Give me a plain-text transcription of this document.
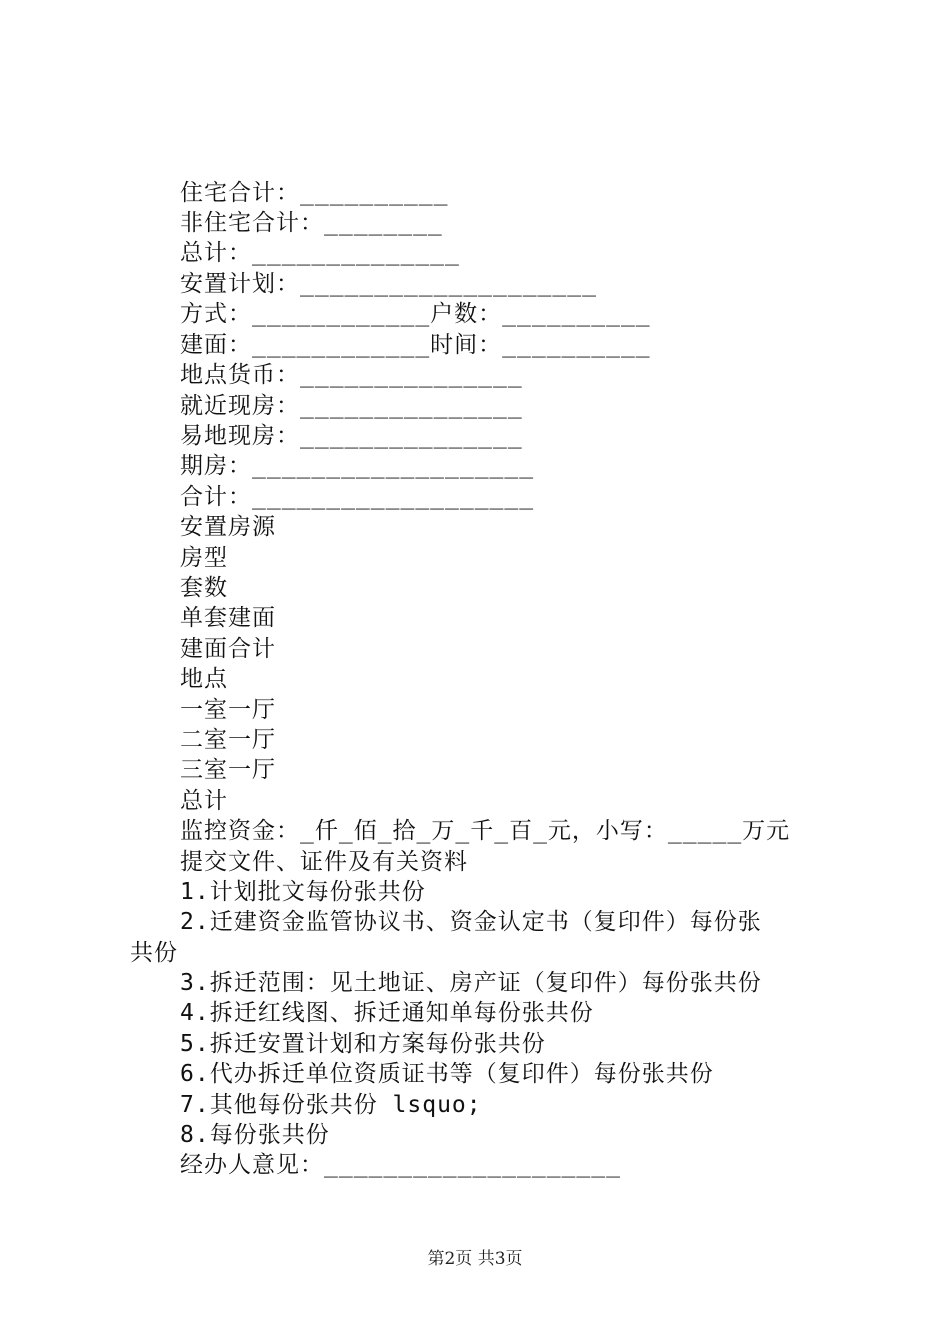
住宅合计：__________
非住宅合计：________
总计：______________
安置计划：____________________
方式：____________户数：__________
建面：____________时间：__________
地点货币：_______________
就近现房：_______________
易地现房：_______________
期房：___________________
合计：___________________
安置房源
房型
套数
单套建面
建面合计
地点
一室一厅
二室一厅
三室一厅
总计
监控资金：_仟_佰_拾_万_千_百_元，小写：_____万元
提交文件、证件及有关资料
1.计划批文每份张共份
2.迁建资金监管协议书、资金认定书（复印件）每份张共份
3.拆迁范围：见土地证、房产证（复印件）每份张共份
4.拆迁红线图、拆迁通知单每份张共份
5.拆迁安置计划和方案每份张共份
6.代办拆迁单位资质证书等（复印件）每份张共份
7.其他每份张共份 lsquo;
8.每份张共份
经办人意见：____________________
第2页 共3页
